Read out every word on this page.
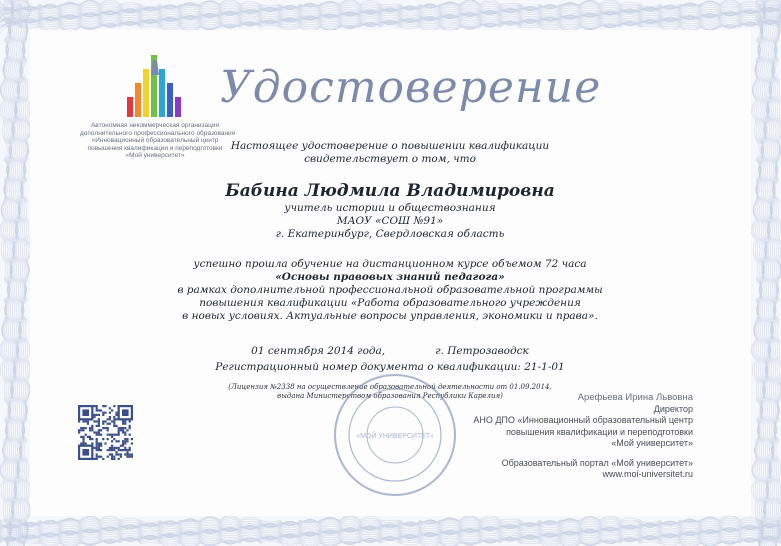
Автономная некоммерческая организация
дополнительного профессионального образования
«Инновационный образовательный центр
повышения квалификации и переподготовки
«Мой университет»
Удостоверение
Настоящее удостоверение о повышении квалификации
свидетельствует о том, что
Бабина Людмила Владимировна
учитель истории и обществознания
МАОУ «СОШ №91»
г. Екатеринбург, Свердловская область
успешно прошла обучение на дистанционном курсе объемом 72 часа
«Основы правовых знаний педагога»
в рамках дополнительной профессиональной образовательной программы
повышения квалификации «Работа образовательного учреждения
в новых условиях. Актуальные вопросы управления, экономики и права».
01 сентября 2014 года,	г. Петрозаводск
Регистрационный номер документа о квалификации: 21-1-01
(Лицензия №2338 на осуществление образовательной деятельности от 01.09.2014,
выдана Министерством образования Республики Карелия)
«МОЙ УНИВЕРСИТЕТ»
Арефьева Ирина Львовна
Директор
АНО ДПО «Инновационный образовательный центр
повышения квалификации и переподготовки
«Мой университет»
Образовательный портал «Мой университет»
www.moi-universitet.ru
